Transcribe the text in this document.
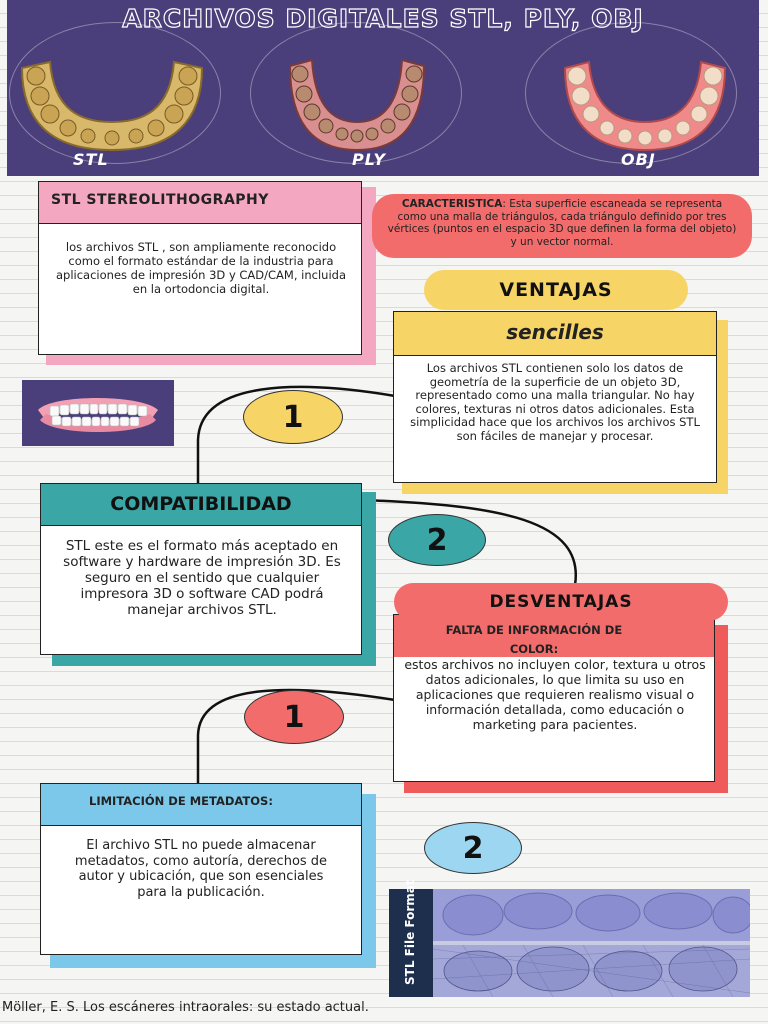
ARCHIVOS DIGITALES STL, PLY, OBJ
STL	PLY	OBJ
STL STEREOLITHOGRAPHY
los archivos STL , son ampliamente reconocido como el formato estándar de la industria para aplicaciones de impresión 3D y CAD/CAM, incluida en la ortodoncia digital.
CARACTERISTICA: Esta superficie escaneada se representa como una malla de triángulos, cada triángulo definido por tres vértices (puntos en el espacio 3D que definen la forma del objeto) y un vector normal.
VENTAJAS
sencilles
Los archivos STL contienen solo los datos de geometría de la superficie de un objeto 3D, representado como una malla triangular. No hay colores, texturas ni otros datos adicionales. Esta simplicidad hace que los archivos los archivos STL son fáciles de manejar y procesar.
1
COMPATIBILIDAD
STL este es el formato más aceptado en software y hardware de impresión 3D. Es seguro en el sentido que cualquier impresora 3D o software CAD podrá manejar archivos STL.
2
FALTA DE INFORMACIÓN DE COLOR:
estos archivos no incluyen color, textura u otros datos adicionales, lo que limita su uso en aplicaciones que requieren realismo visual o información detallada, como educación o marketing para pacientes.
DESVENTAJAS
1
LIMITACIÓN DE METADATOS:
El archivo STL no puede almacenar metadatos, como autoría, derechos de autor y ubicación, que son esenciales para la publicación.
2
STL File Format
Möller, E. S. Los escáneres intraorales: su estado actual.
